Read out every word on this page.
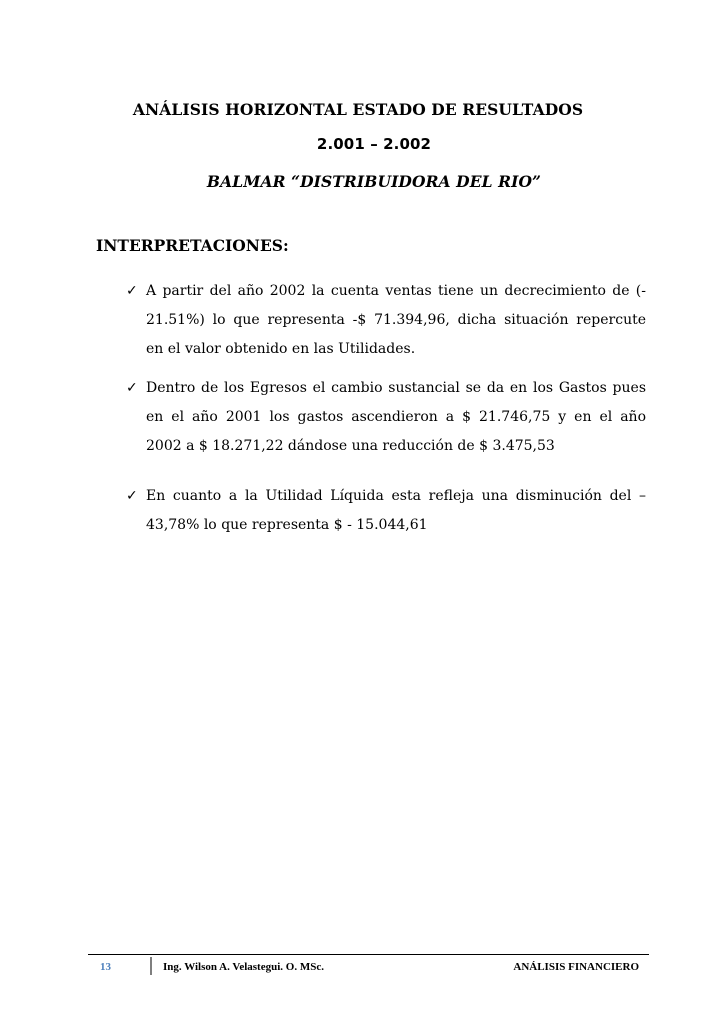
ANÁLISIS HORIZONTAL ESTADO DE RESULTADOS
2.001 – 2.002
BALMAR “DISTRIBUIDORA DEL RIO”
INTERPRETACIONES:
✓ A partir del año 2002 la cuenta ventas tiene un decrecimiento de (-
21.51%) lo que representa -$ 71.394,96, dicha situación repercute
en el valor obtenido en las Utilidades.
✓ Dentro de los Egresos el cambio sustancial se da en los Gastos pues
en el año 2001 los gastos ascendieron a $ 21.746,75 y en el año
2002 a $ 18.271,22 dándose una reducción de $ 3.475,53
✓ En cuanto a la Utilidad Líquida esta refleja una disminución del –
43,78% lo que representa $ - 15.044,61
13	Ing. Wilson A. Velastegui. O. MSc.	ANÁLISIS FINANCIERO
